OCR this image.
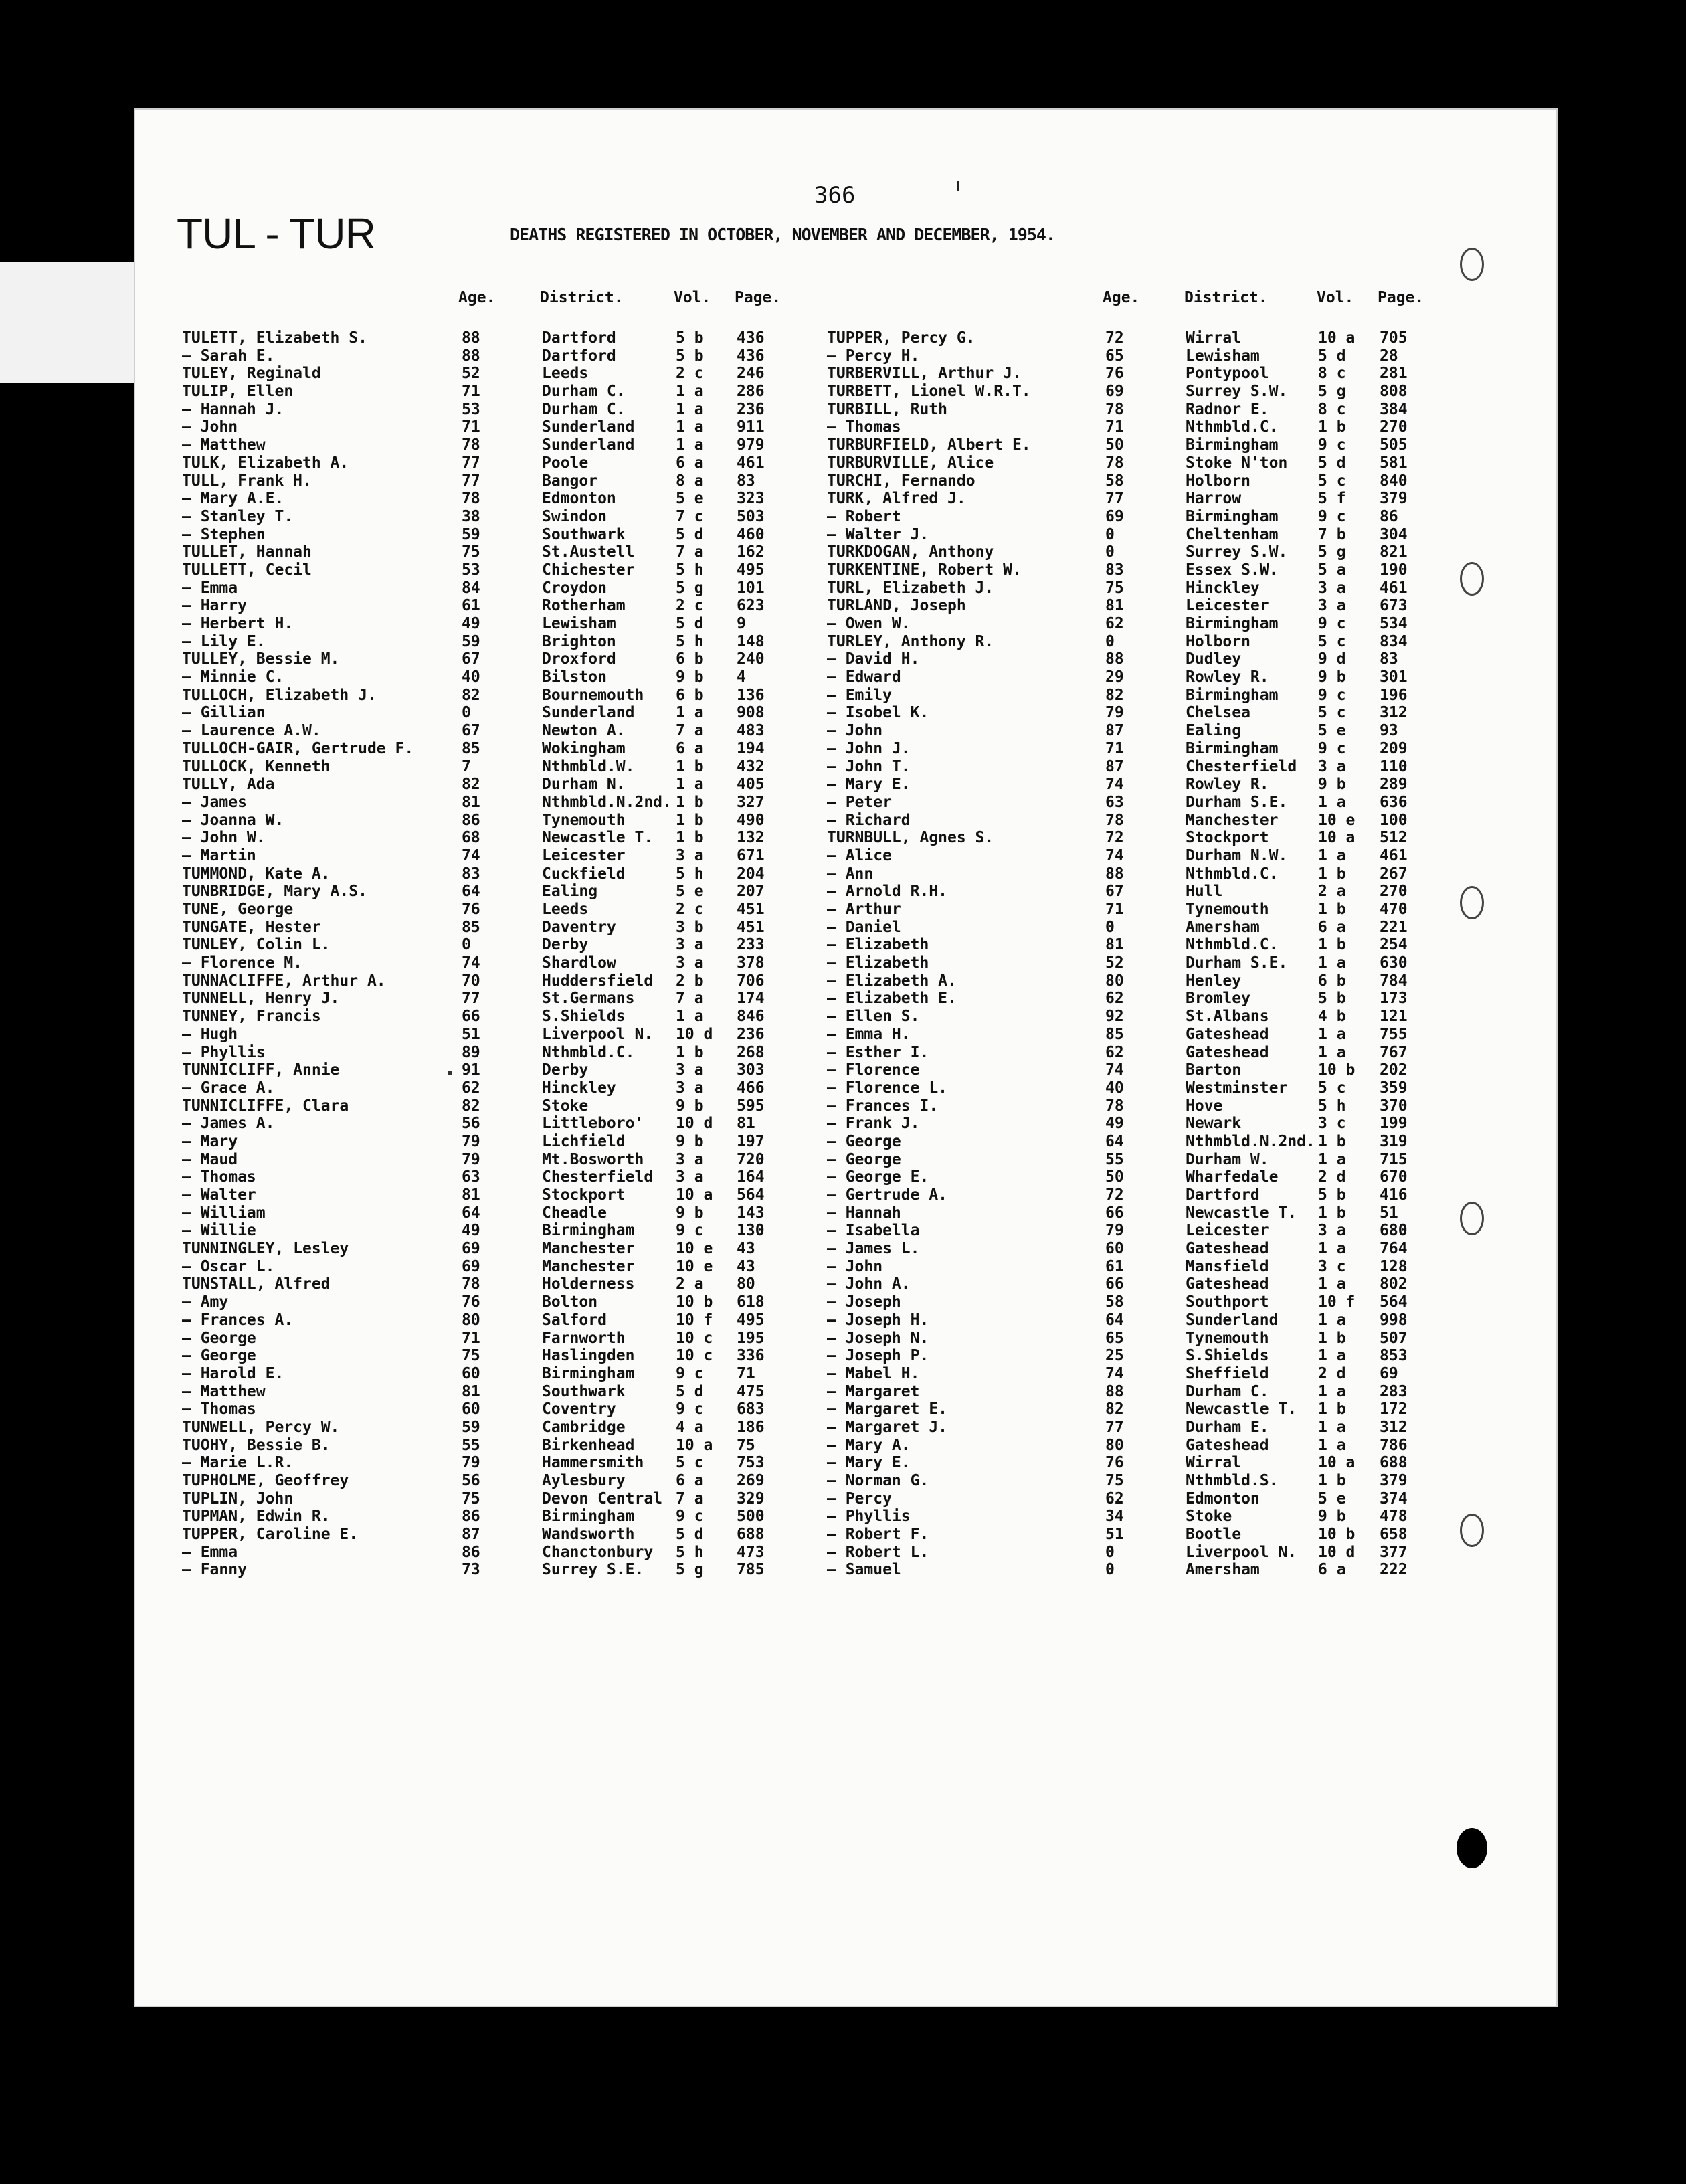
366
TUL - TUR	DEATHS REGISTERED IN OCTOBER, NOVEMBER AND DECEMBER, 1954.
Age.	District.	Vol. Page.	Age.	District.	Vol. Page.
TULETT, Elizabeth S.	88	Dartford	5 b 436	TUPPER, Percy G.	72	Wirral	10 a 705
— Sarah E.	88	Dartford	5 b 436	— Percy H.	65	Lewisham	5 d 28
TULEY, Reginald	52	Leeds	2 c 246	TURBERVILL, Arthur J.	76	Pontypool	8 c 281
TULIP, Ellen	71	Durham C.	1 a 286	TURBETT, Lionel W.R.T.	69	Surrey S.W. 5 g 808
— Hannah J.	53	Durham C.	1 a 236	TURBILL, Ruth	78	Radnor E.	8 c 384
— John	71	Sunderland	1 a 911	— Thomas	71	Nthmbld.C.	1 b 270
— Matthew	78	Sunderland	1 a 979	TURBURFIELD, Albert E.	50	Birmingham	9 c 505
TULK, Elizabeth A.	77	Poole	6 a 461	TURBURVILLE, Alice	78	Stoke N'ton 5 d 581
TULL, Frank H.	77	Bangor	8 a 83	TURCHI, Fernando	58	Holborn	5 c 840
— Mary A.E.	78	Edmonton	5 e 323	TURK, Alfred J.	77	Harrow	5 f 379
— Stanley T.	38	Swindon	7 c 503	— Robert	69	Birmingham	9 c 86
— Stephen	59	Southwark	5 d 460	— Walter J.	0	Cheltenham	7 b 304
TULLET, Hannah	75	St.Austell	7 a 162	TURKDOGAN, Anthony	0	Surrey S.W. 5 g 821
TULLETT, Cecil	53	Chichester	5 h 495	TURKENTINE, Robert W.	83	Essex S.W.	5 a 190
— Emma	84	Croydon	5 g 101	TURL, Elizabeth J.	75	Hinckley	3 a 461
— Harry	61	Rotherham	2 c 623	TURLAND, Joseph	81	Leicester	3 a 673
— Herbert H.	49	Lewisham	5 d 9	— Owen W.	62	Birmingham	9 c 534
— Lily E.	59	Brighton	5 h 148	TURLEY, Anthony R.	0	Holborn	5 c 834
TULLEY, Bessie M.	67	Droxford	6 b 240	— David H.	88	Dudley	9 d 83
— Minnie C.	40	Bilston	9 b 4	— Edward	29	Rowley R.	9 b 301
TULLOCH, Elizabeth J.	82	Bournemouth 6 b 136	— Emily	82	Birmingham	9 c 196
— Gillian	0	Sunderland	1 a 908	— Isobel K.	79	Chelsea	5 c 312
— Laurence A.W.	67	Newton A.	7 a 483	— John	87	Ealing	5 e 93
TULLOCH-GAIR, Gertrude F.	85	Wokingham	6 a 194	— John J.	71	Birmingham	9 c 209
TULLOCK, Kenneth	7	Nthmbld.W.	1 b 432	— John T.	87	Chesterfield 3 a 110
TULLY, Ada	82	Durham N.	1 a 405	— Mary E.	74	Rowley R.	9 b 289
— James	81	Nthmbld.N.2nd. 1 b 327	— Peter	63	Durham S.E. 1 a 636
— Joanna W.	86	Tynemouth	1 b 490	— Richard	78	Manchester	10 e 100
— John W.	68	Newcastle T. 1 b 132	TURNBULL, Agnes S.	72	Stockport	10 a 512
— Martin	74	Leicester	3 a 671	— Alice	74	Durham N.W. 1 a 461
TUMMOND, Kate A.	83	Cuckfield	5 h 204	— Ann	88	Nthmbld.C.	1 b 267
TUNBRIDGE, Mary A.S.	64	Ealing	5 e 207	— Arnold R.H.	67	Hull	2 a 270
TUNE, George	76	Leeds	2 c 451	— Arthur	71	Tynemouth	1 b 470
TUNGATE, Hester	85	Daventry	3 b 451	— Daniel	0	Amersham	6 a 221
TUNLEY, Colin L.	0	Derby	3 a 233	— Elizabeth	81	Nthmbld.C.	1 b 254
— Florence M.	74	Shardlow	3 a 378	— Elizabeth	52	Durham S.E. 1 a 630
TUNNACLIFFE, Arthur A.	70	Huddersfield 2 b 706	— Elizabeth A.	80	Henley	6 b 784
TUNNELL, Henry J.	77	St.Germans	7 a 174	— Elizabeth E.	62	Bromley	5 b 173
TUNNEY, Francis	66	S.Shields	1 a 846	— Ellen S.	92	St.Albans	4 b 121
— Hugh	51	Liverpool N. 10 d 236	— Emma H.	85	Gateshead	1 a 755
— Phyllis	89	Nthmbld.C.	1 b 268	— Esther I.	62	Gateshead	1 a 767
TUNNICLIFF, Annie	91	Derby	3 a 303	— Florence	74	Barton	10 b 202
— Grace A.	62	Hinckley	3 a 466	— Florence L.	40	Westminster 5 c 359
TUNNICLIFFE, Clara	82	Stoke	9 b 595	— Frances I.	78	Hove	5 h 370
— James A.	56	Littleboro' 10 d 81	— Frank J.	49	Newark	3 c 199
— Mary	79	Lichfield	9 b 197	— George	64	Nthmbld.N.2nd. 1 b 319
— Maud	79	Mt.Bosworth 3 a 720	— George	55	Durham W.	1 a 715
— Thomas	63	Chesterfield 3 a 164	— George E.	50	Wharfedale	2 d 670
— Walter	81	Stockport	10 a 564	— Gertrude A.	72	Dartford	5 b 416
— William	64	Cheadle	9 b 143	— Hannah	66	Newcastle T. 1 b 51
— Willie	49	Birmingham	9 c 130	— Isabella	79	Leicester	3 a 680
TUNNINGLEY, Lesley	69	Manchester	10 e 43	— James L.	60	Gateshead	1 a 764
— Oscar L.	69	Manchester	10 e 43	— John	61	Mansfield	3 c 128
TUNSTALL, Alfred	78	Holderness	2 a 80	— John A.	66	Gateshead	1 a 802
— Amy	76	Bolton	10 b 618	— Joseph	58	Southport	10 f 564
— Frances A.	80	Salford	10 f 495	— Joseph H.	64	Sunderland	1 a 998
— George	71	Farnworth	10 c 195	— Joseph N.	65	Tynemouth	1 b 507
— George	75	Haslingden	10 c 336	— Joseph P.	25	S.Shields	1 a 853
— Harold E.	60	Birmingham	9 c 71	— Mabel H.	74	Sheffield	2 d 69
— Matthew	81	Southwark	5 d 475	— Margaret	88	Durham C.	1 a 283
— Thomas	60	Coventry	9 c 683	— Margaret E.	82	Newcastle T. 1 b 172
TUNWELL, Percy W.	59	Cambridge	4 a 186	— Margaret J.	77	Durham E.	1 a 312
TUOHY, Bessie B.	55	Birkenhead	10 a 75	— Mary A.	80	Gateshead	1 a 786
— Marie L.R.	79	Hammersmith 5 c 753	— Mary E.	76	Wirral	10 a 688
TUPHOLME, Geoffrey	56	Aylesbury	6 a 269	— Norman G.	75	Nthmbld.S.	1 b 379
TUPLIN, John	75	Devon Central 7 a 329	— Percy	62	Edmonton	5 e 374
TUPMAN, Edwin R.	86	Birmingham	9 c 500	— Phyllis	34	Stoke	9 b 478
TUPPER, Caroline E.	87	Wandsworth	5 d 688	— Robert F.	51	Bootle	10 b 658
— Emma	86	Chanctonbury 5 h 473	— Robert L.	0	Liverpool N. 10 d 377
— Fanny	73	Surrey S.E. 5 g 785	— Samuel	0	Amersham	6 a 222
